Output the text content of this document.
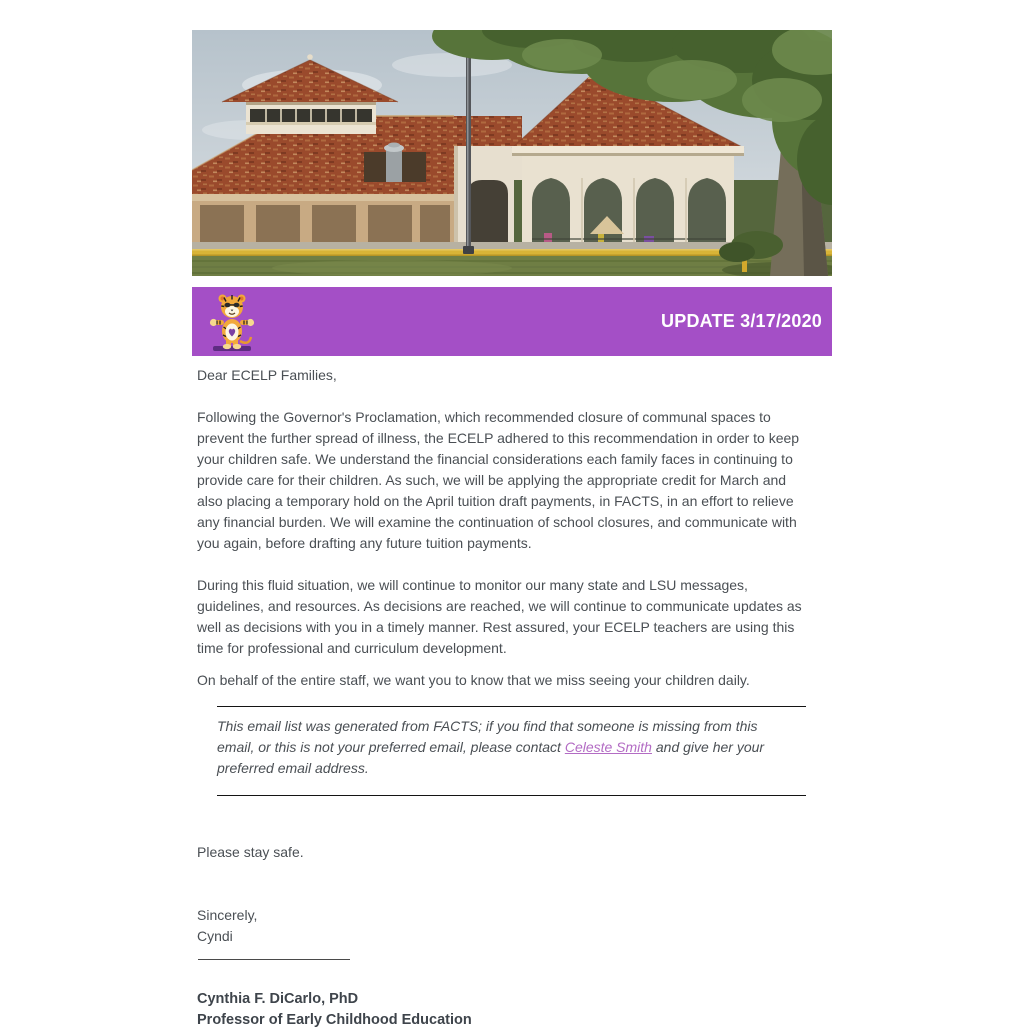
UPDATE 3/17/2020

Dear ECELP Families,

Following the Governor's Proclamation, which recommended closure of communal spaces to prevent the further spread of illness, the ECELP adhered to this recommendation in order to keep your children safe. We understand the financial considerations each family faces in continuing to provide care for their children. As such, we will be applying the appropriate credit for March and also placing a temporary hold on the April tuition draft payments, in FACTS, in an effort to relieve any financial burden. We will examine the continuation of school closures, and communicate with you again, before drafting any future tuition payments.

During this fluid situation, we will continue to monitor our many state and LSU messages, guidelines, and resources. As decisions are reached, we will continue to communicate updates as well as decisions with you in a timely manner. Rest assured, your ECELP teachers are using this time for professional and curriculum development.

On behalf of the entire staff, we want you to know that we miss seeing your children daily.

This email list was generated from FACTS; if you find that someone is missing from this email, or this is not your preferred email, please contact Celeste Smith and give her your preferred email address.

Please stay safe.

Sincerely,

Cyndi

Cynthia F. DiCarlo, PhD

Professor of Early Childhood Education
